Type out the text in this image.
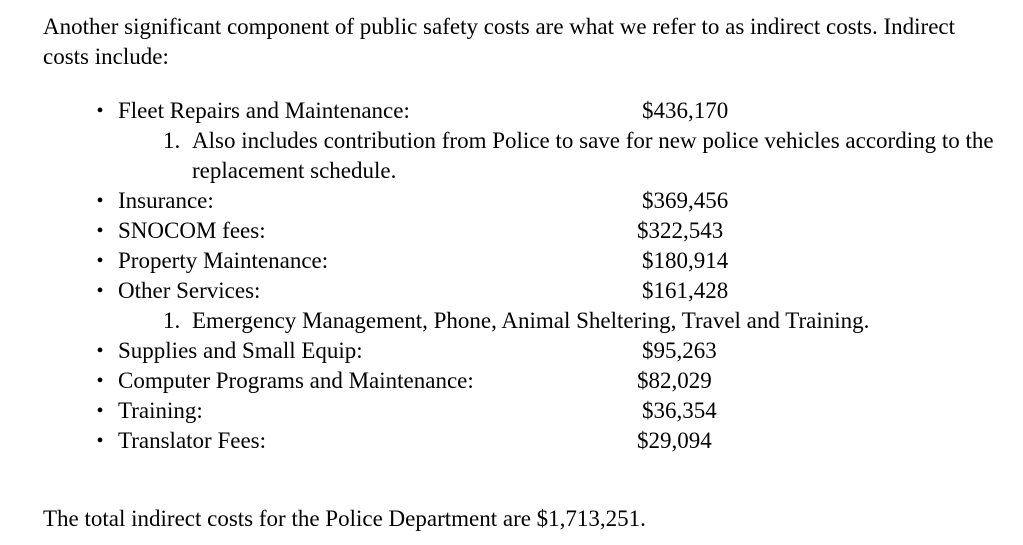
Another significant component of public safety costs are what we refer to as indirect costs. Indirect costs include:

• Fleet Repairs and Maintenance:	$436,170
1. Also includes contribution from Police to save for new police vehicles according to the replacement schedule.
• Insurance:	$369,456
• SNOCOM fees:	$322,543
• Property Maintenance:	$180,914
• Other Services:	$161,428
1. Emergency Management, Phone, Animal Sheltering, Travel and Training.
• Supplies and Small Equip:	$95,263
• Computer Programs and Maintenance:	$82,029
• Training:	$36,354
• Translator Fees:	$29,094

The total indirect costs for the Police Department are $1,713,251.
